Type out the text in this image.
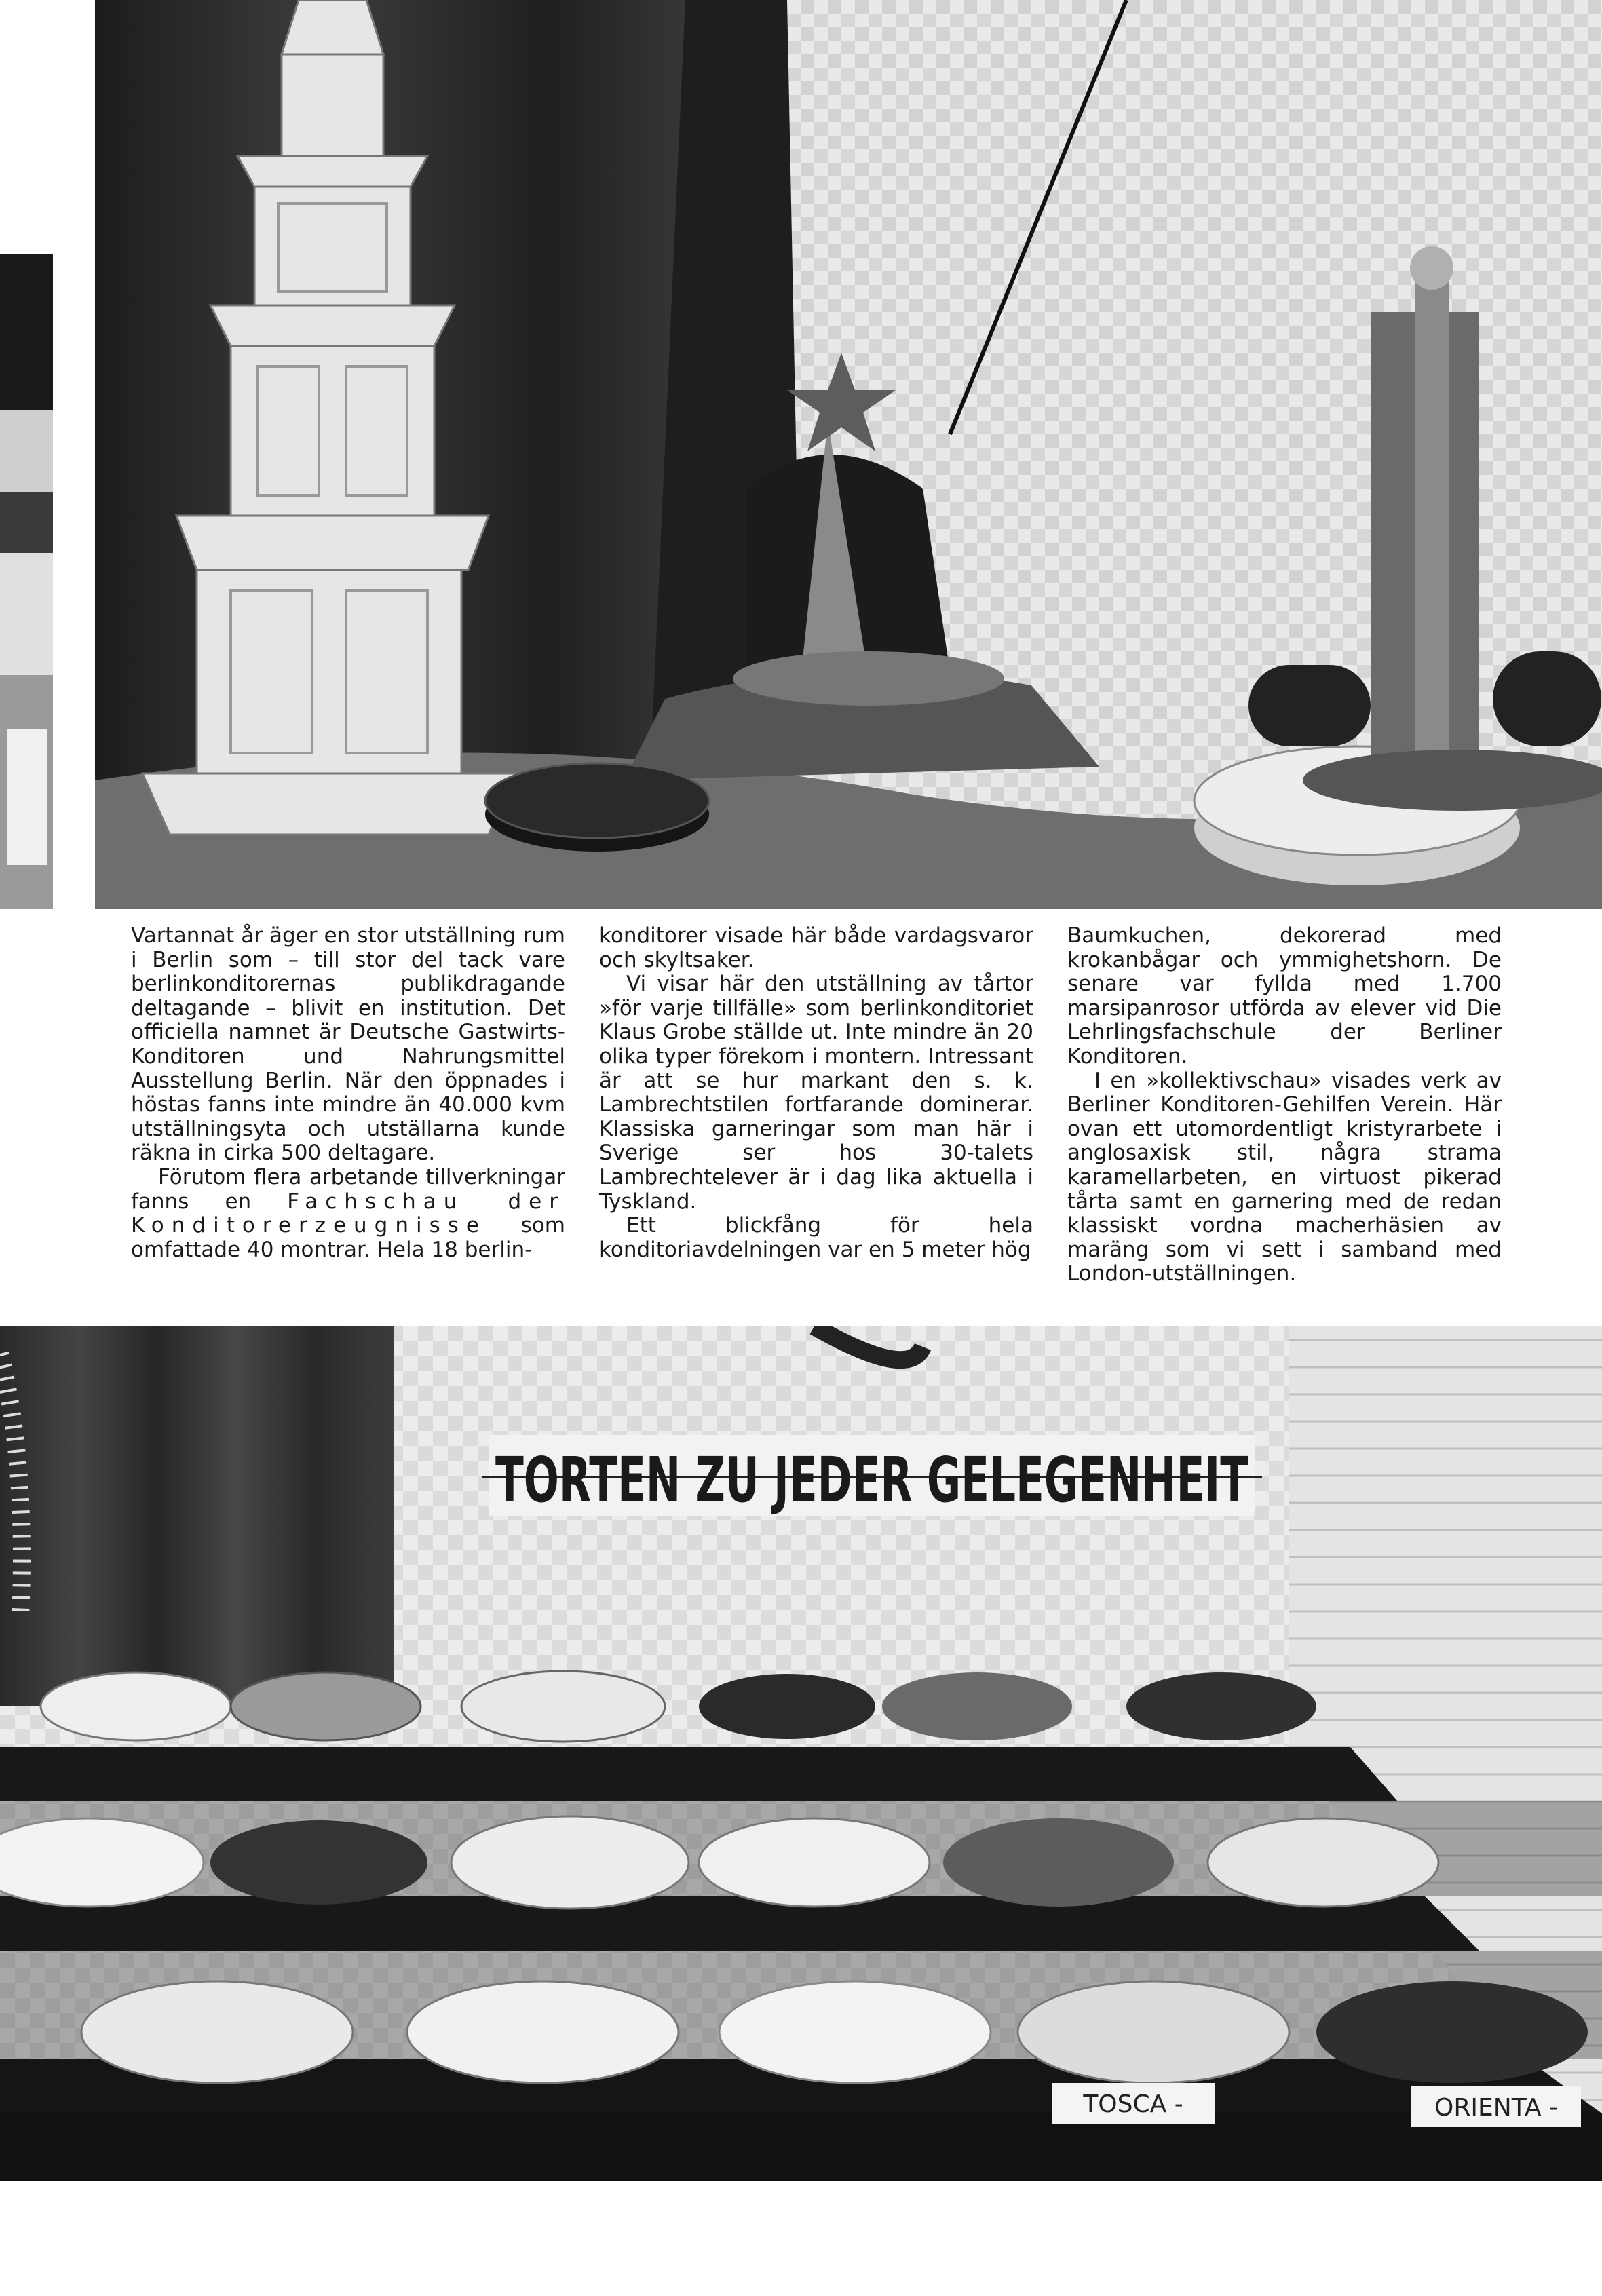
Vartannat år äger en stor utställning rum i Berlin som – till stor del tack vare berlinkonditorernas publikdragande deltagande – blivit en institution. Det officiella namnet är Deutsche Gastwirts-Konditoren und Nahrungsmittel Ausstellung Berlin. När den öppnades i höstas fanns inte mindre än 40.000 kvm utställningsyta och utställarna kunde räkna in cirka 500 deltagare.

Förutom flera arbetande tillverkningar fanns en Fachschau der Konditorerzeugnisse som omfattade 40 montrar. Hela 18 berlin-

konditorer visade här både vardagsvaror och skyltsaker.

Vi visar här den utställning av tårtor »för varje tillfälle» som berlinkonditoriet Klaus Grobe ställde ut. Inte mindre än 20 olika typer förekom i montern. Intressant är att se hur markant den s. k. Lambrechtstilen fortfarande dominerar. Klassiska garneringar som man här i Sverige ser hos 30-talets Lambrechtelever är i dag lika aktuella i Tyskland.

Ett blickfång för hela konditoriavdelningen var en 5 meter hög

Baumkuchen, dekorerad med krokanbågar och ymmighetshorn. De senare var fyllda med 1.700 marsipanrosor utförda av elever vid Die Lehrlingsfachschule der Berliner Konditoren.

I en »kollektivschau» visades verk av Berliner Konditoren-Gehilfen Verein. Här ovan ett utomordentligt kristyrarbete i anglosaxisk stil, några strama karamellarbeten, en virtuost pikerad tårta samt en garnering med de redan klassiskt vordna macherhäsien av maräng som vi sett i samband med London-utställningen.

TORTEN ZU JEDER GELEGENHEIT
TOSCA -	ORIENTA -
